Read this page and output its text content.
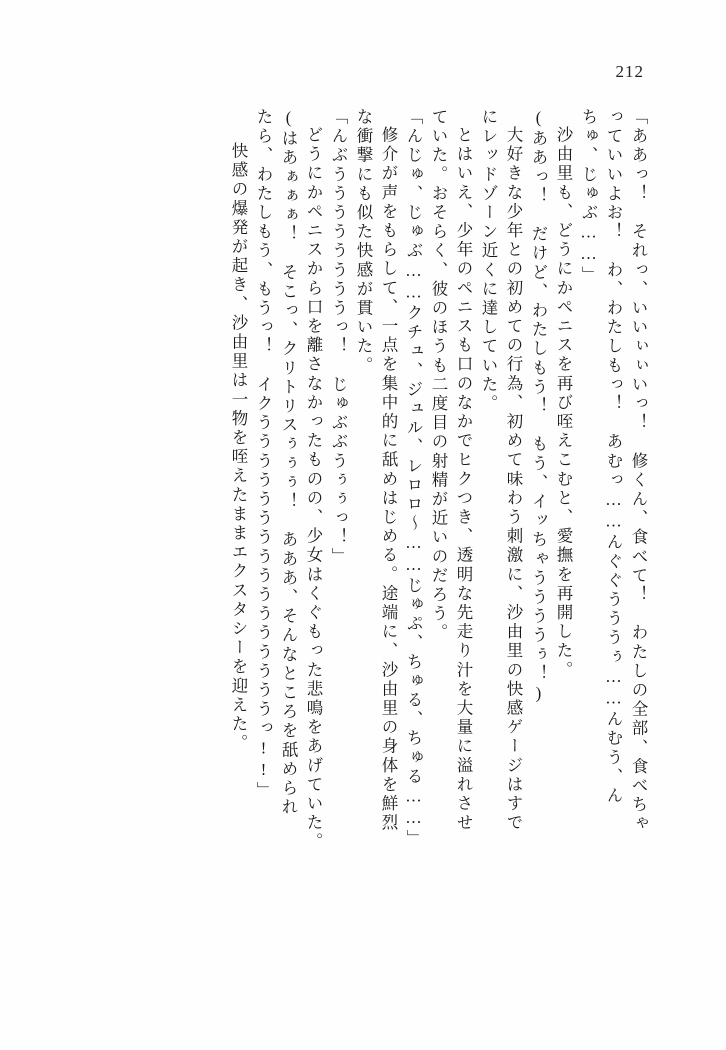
212
「ああっ！　それっ、いいぃぃいっ！　修くん、食べて！　わたしの全部、食べちゃ
っていいよお！　わ、わたしもっ！　あむっ……んぐぐうううぅ……んむう、ん
ちゅ、じゅぶ……」
沙由里も、どうにかペニスを再び咥えこむと、愛撫を再開した。
(ああっ！　だけど、わたしもう！　もう、イッちゃううううぅ！)
大好きな少年との初めての行為、初めて味わう刺激に、沙由里の快感ゲージはすで
にレッドゾーン近くに達していた。
とはいえ、少年のペニスも口のなかでヒクつき、透明な先走り汁を大量に溢れさせ
ていた。おそらく、彼のほうも二度目の射精が近いのだろう。
「んじゅ、じゅぶ……クチュ、ジュル、レロロ～……じゅぷ、ちゅる、ちゅる……」
修介が声をもらして、一点を集中的に舐めはじめる。途端に、沙由里の身体を鮮烈
な衝撃にも似た快感が貫いた。
「んぶううううううううっ！　じゅぶぶうぅぅっ！」
どうにかペニスから口を離さなかったものの、少女はくぐもった悲鳴をあげていた。
(はあぁぁぁ！　そこっ、クリトリスぅぅぅ！　あああ、そんなところを舐められ
たら、わたしもう、もうっ！　イクううううううううううううううううっ!!」
快感の爆発が起き、沙由里は一物を咥えたままエクスタシーを迎えた。
